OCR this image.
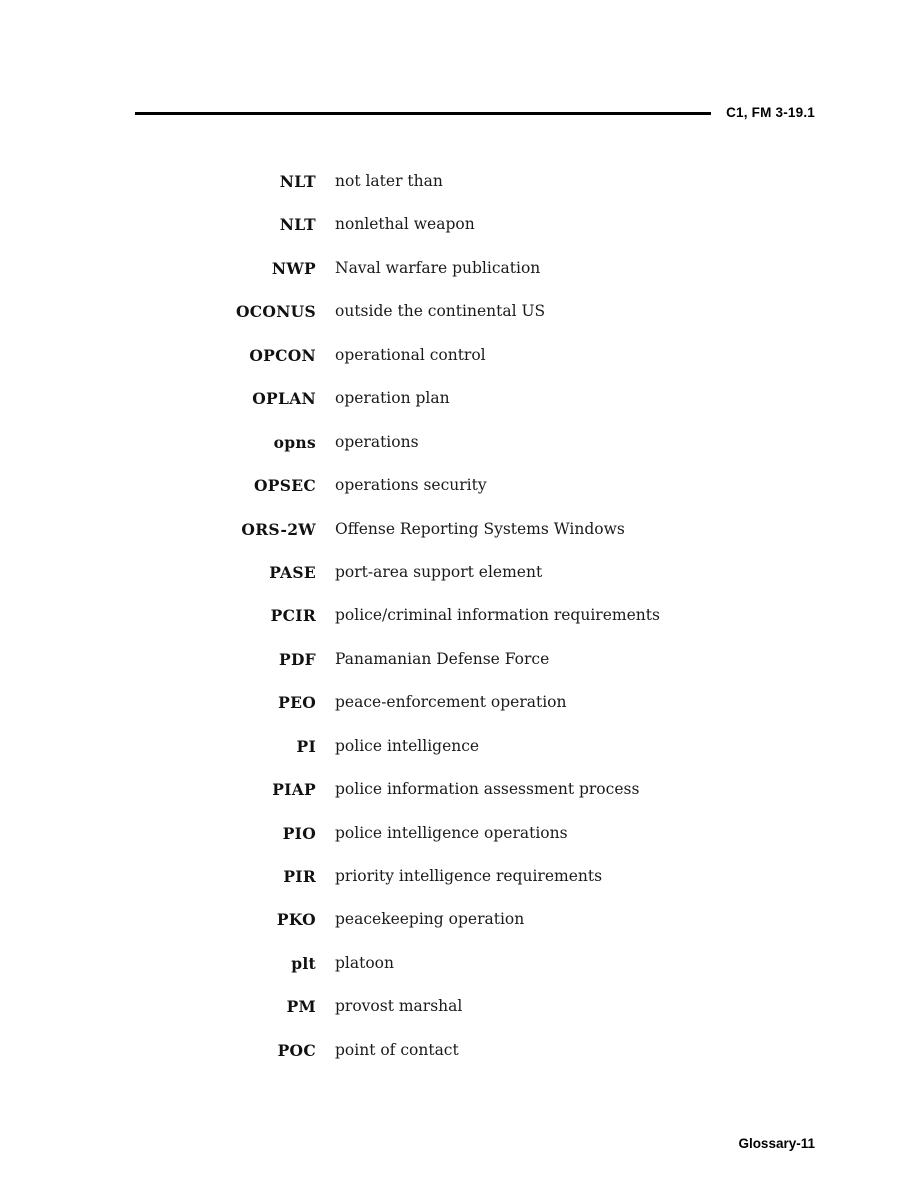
C1, FM 3-19.1
NLT not later than
NLT nonlethal weapon
NWP Naval warfare publication
OCONUS outside the continental US
OPCON operational control
OPLAN operation plan
opns operations
OPSEC operations security
ORS-2W Offense Reporting Systems Windows
PASE port-area support element
PCIR police/criminal information requirements
PDF Panamanian Defense Force
PEO peace-enforcement operation
PI police intelligence
PIAP police information assessment process
PIO police intelligence operations
PIR priority intelligence requirements
PKO peacekeeping operation
plt platoon
PM provost marshal
POC point of contact
Glossary-11
